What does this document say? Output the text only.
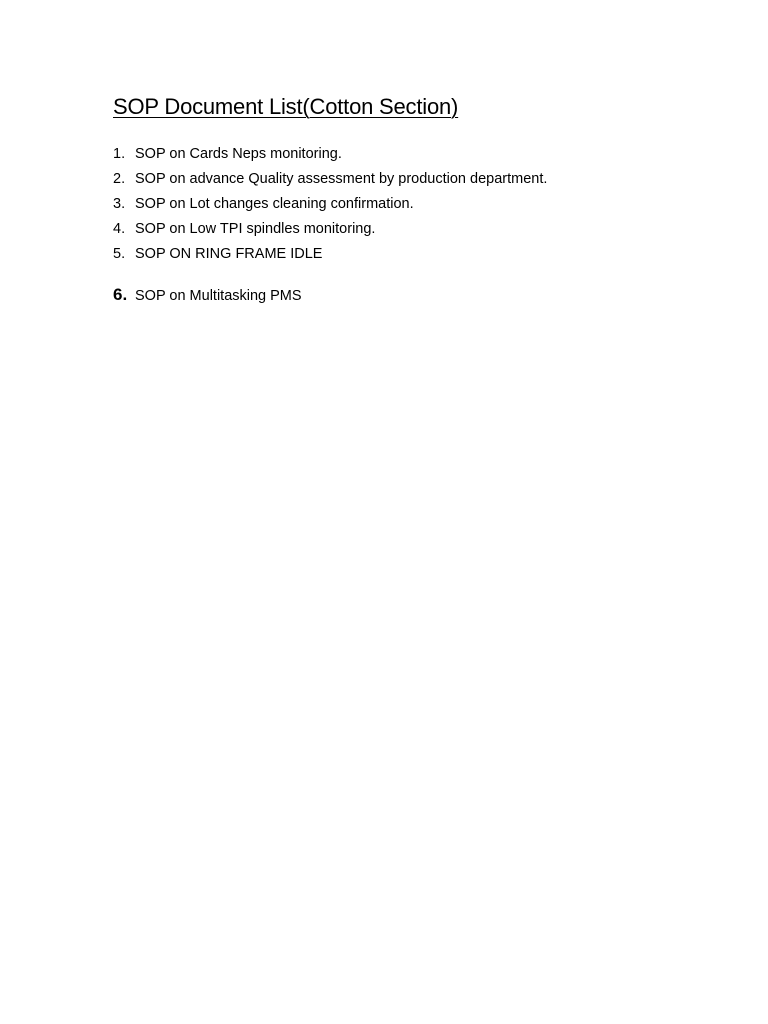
SOP Document List(Cotton Section)
1. SOP on Cards Neps monitoring.
2. SOP on advance Quality assessment by production department.
3. SOP on Lot changes cleaning confirmation.
4. SOP on Low TPI spindles monitoring.
5. SOP ON RING FRAME IDLE
6. SOP on Multitasking PMS
